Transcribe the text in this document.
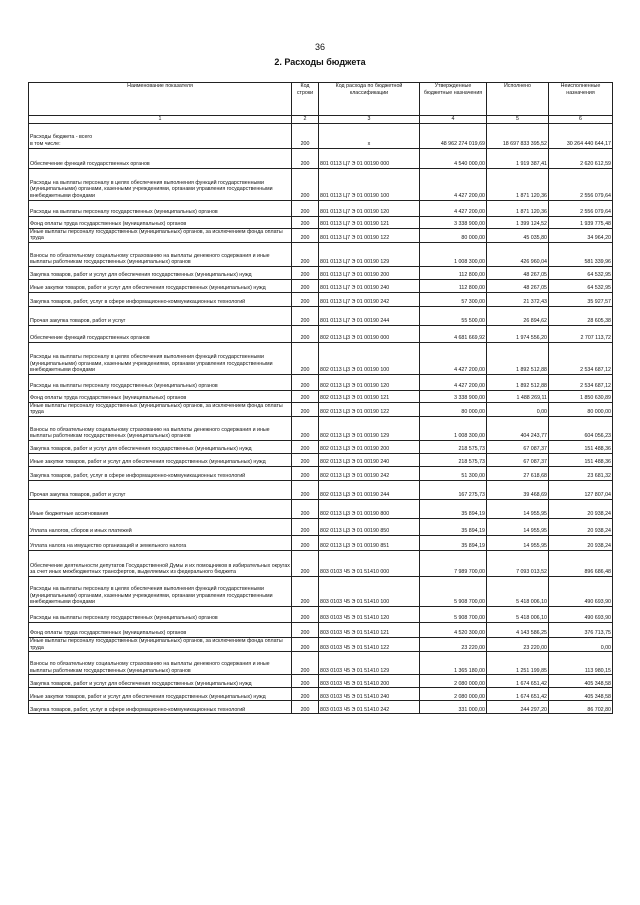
36
2. Расходы бюджета
Наименование показателя	Код строки	Код расхода по бюджетной классификации	Утвержденные бюджетные назначения	Исполнено	Неисполненные назначения
1	2	3	4	5	6
Расходы бюджета - всего
в том числе:	200	x	48 962 274 019,69	18 697 833 395,52	30 264 440 644,17
Обеспечение функций государственных органов	200	801 0113 Ц7 Э 01 00190 000	4 540 000,00	1 919 387,41	2 620 612,59
Расходы на выплаты персоналу в целях обеспечения выполнения функций государственными (муниципальными) органами, казенными учреждениями, органами управления государственными внебюджетными фондами	200	801 0113 Ц7 Э 01 00190 100	4 427 200,00	1 871 120,36	2 556 079,64
Расходы на выплаты персоналу государственных (муниципальных) органов	200	801 0113 Ц7 Э 01 00190 120	4 427 200,00	1 871 120,36	2 556 079,64
Фонд оплаты труда государственных (муниципальных) органов	200	801 0113 Ц7 Э 01 00190 121	3 338 900,00	1 399 124,52	1 939 775,48
Иные выплаты персоналу государственных (муниципальных) органов, за исключением фонда оплаты труда	200	801 0113 Ц7 Э 01 00190 122	80 000,00	45 035,80	34 964,20
Взносы по обязательному социальному страхованию на выплаты денежного содержания и иные выплаты работникам государственных (муниципальных) органов	200	801 0113 Ц7 Э 01 00190 129	1 008 300,00	426 960,04	581 339,96
Закупка товаров, работ и услуг для обеспечения государственных (муниципальных) нужд	200	801 0113 Ц7 Э 01 00190 200	112 800,00	48 267,05	64 532,95
Иные закупки товаров, работ и услуг для обеспечения государственных (муниципальных) нужд	200	801 0113 Ц7 Э 01 00190 240	112 800,00	48 267,05	64 532,95
Закупка товаров, работ, услуг в сфере информационно-коммуникационных технологий	200	801 0113 Ц7 Э 01 00190 242	57 300,00	21 372,43	35 927,57
Прочая закупка товаров, работ и услуг	200	801 0113 Ц7 Э 01 00190 244	55 500,00	26 894,62	28 605,38
Обеспечение функций государственных органов	200	802 0113 Ц3 Э 01 00190 000	4 681 669,92	1 974 556,20	2 707 113,72
Расходы на выплаты персоналу в целях обеспечения выполнения функций государственными (муниципальными) органами, казенными учреждениями, органами управления государственными внебюджетными фондами	200	802 0113 Ц3 Э 01 00190 100	4 427 200,00	1 892 512,88	2 534 687,12
Расходы на выплаты персоналу государственных (муниципальных) органов	200	802 0113 Ц3 Э 01 00190 120	4 427 200,00	1 892 512,88	2 534 687,12
Фонд оплаты труда государственных (муниципальных) органов	200	802 0113 Ц3 Э 01 00190 121	3 338 900,00	1 488 269,11	1 850 630,89
Иные выплаты персоналу государственных (муниципальных) органов, за исключением фонда оплаты труда	200	802 0113 Ц3 Э 01 00190 122	80 000,00	0,00	80 000,00
Взносы по обязательному социальному страхованию на выплаты денежного содержания и иные выплаты работникам государственных (муниципальных) органов	200	802 0113 Ц3 Э 01 00190 129	1 008 300,00	404 243,77	604 056,23
Закупка товаров, работ и услуг для обеспечения государственных (муниципальных) нужд	200	802 0113 Ц3 Э 01 00190 200	218 575,73	67 087,37	151 488,36
Иные закупки товаров, работ и услуг для обеспечения государственных (муниципальных) нужд	200	802 0113 Ц3 Э 01 00190 240	218 575,73	67 087,37	151 488,36
Закупка товаров, работ, услуг в сфере информационно-коммуникационных технологий	200	802 0113 Ц3 Э 01 00190 242	51 300,00	27 618,68	23 681,32
Прочая закупка товаров, работ и услуг	200	802 0113 Ц3 Э 01 00190 244	167 275,73	39 468,69	127 807,04
Иные бюджетные ассигнования	200	802 0113 Ц3 Э 01 00190 800	35 894,19	14 955,95	20 938,24
Уплата налогов, сборов и иных платежей	200	802 0113 Ц3 Э 01 00190 850	35 894,19	14 955,95	20 938,24
Уплата налога на имущество организаций и земельного налога	200	802 0113 Ц3 Э 01 00190 851	35 894,19	14 955,95	20 938,24
Обеспечение деятельности депутатов Государственной Думы и их помощников в избирательных округах за счет иных межбюджетных трансфертов, выделяемых из федерального бюджета	200	803 0103 Ч5 Э 01 51410 000	7 989 700,00	7 093 013,52	896 686,48
Расходы на выплаты персоналу в целях обеспечения выполнения функций государственными (муниципальными) органами, казенными учреждениями, органами управления государственными внебюджетными фондами	200	803 0103 Ч5 Э 01 51410 100	5 908 700,00	5 418 006,10	490 693,90
Расходы на выплаты персоналу государственных (муниципальных) органов	200	803 0103 Ч5 Э 01 51410 120	5 908 700,00	5 418 006,10	490 693,90
Фонд оплаты труда государственных (муниципальных) органов	200	803 0103 Ч5 Э 01 51410 121	4 520 300,00	4 143 586,25	376 713,75
Иные выплаты персоналу государственных (муниципальных) органов, за исключением фонда оплаты труда	200	803 0103 Ч5 Э 01 51410 122	23 220,00	23 220,00	0,00
Взносы по обязательному социальному страхованию на выплаты денежного содержания и иные выплаты работникам государственных (муниципальных) органов	200	803 0103 Ч5 Э 01 51410 129	1 365 180,00	1 251 199,85	113 980,15
Закупка товаров, работ и услуг для обеспечения государственных (муниципальных) нужд	200	803 0103 Ч5 Э 01 51410 200	2 080 000,00	1 674 651,42	405 348,58
Иные закупки товаров, работ и услуг для обеспечения государственных (муниципальных) нужд	200	803 0103 Ч5 Э 01 51410 240	2 080 000,00	1 674 651,42	405 348,58
Закупка товаров, работ, услуг в сфере информационно-коммуникационных технологий	200	803 0103 Ч5 Э 01 51410 242	331 000,00	244 297,20	86 702,80
